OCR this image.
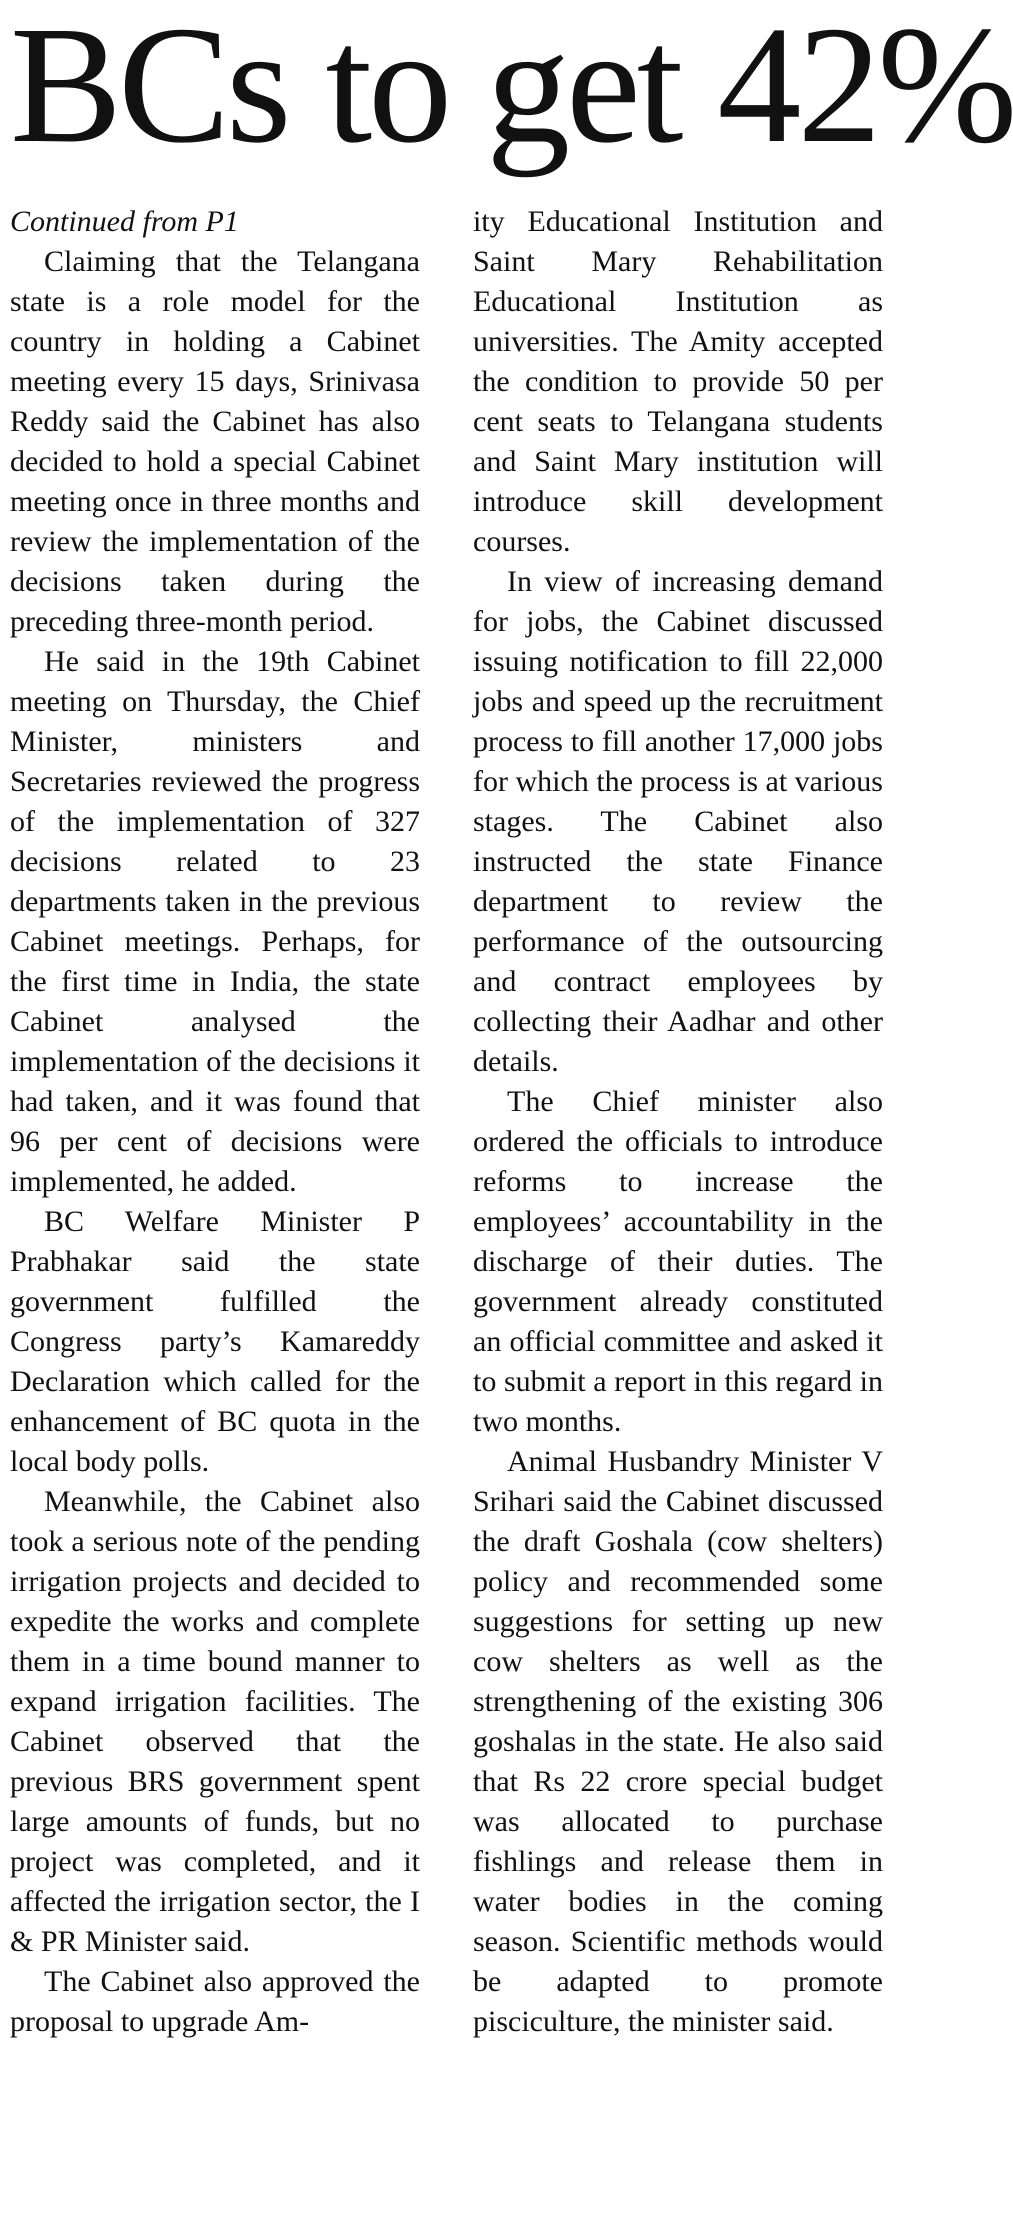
BCs to get 42%

Continued from P1

Claiming that the Telangana state is a role model for the country in holding a Cabinet meeting every 15 days, Srinivasa Reddy said the Cabinet has also decided to hold a special Cabinet meeting once in three months and review the implementation of the decisions taken during the preceding three-month period.

He said in the 19th Cabinet meeting on Thursday, the Chief Minister, ministers and Secretaries reviewed the progress of the implementation of 327 decisions related to 23 departments taken in the previous Cabinet meetings. Perhaps, for the first time in India, the state Cabinet analysed the implementation of the decisions it had taken, and it was found that 96 per cent of decisions were implemented, he added.

BC Welfare Minister P Prabhakar said the state government fulfilled the Congress party’s Kamareddy Declaration which called for the enhancement of BC quota in the local body polls.

Meanwhile, the Cabinet also took a serious note of the pending irrigation projects and decided to expedite the works and complete them in a time bound manner to expand irrigation facilities. The Cabinet observed that the previous BRS government spent large amounts of funds, but no project was completed, and it affected the irrigation sector, the I & PR Minister said.

The Cabinet also approved the proposal to upgrade Am-

ity Educational Institution and Saint Mary Rehabilitation Educational Institution as universities. The Amity accepted the condition to provide 50 per cent seats to Telangana students and Saint Mary institution will introduce skill development courses.

In view of increasing demand for jobs, the Cabinet discussed issuing notification to fill 22,000 jobs and speed up the recruitment process to fill another 17,000 jobs for which the process is at various stages. The Cabinet also instructed the state Finance department to review the performance of the outsourcing and contract employees by collecting their Aadhar and other details.

The Chief minister also ordered the officials to introduce reforms to increase the employees’ accountability in the discharge of their duties. The government already constituted an official committee and asked it to submit a report in this regard in two months.

Animal Husbandry Minister V Srihari said the Cabinet discussed the draft Goshala (cow shelters) policy and recommended some suggestions for setting up new cow shelters as well as the strengthening of the existing 306 goshalas in the state. He also said that Rs 22 crore special budget was allocated to purchase fishlings and release them in water bodies in the coming season. Scientific methods would be adapted to promote pisciculture, the minister said.
